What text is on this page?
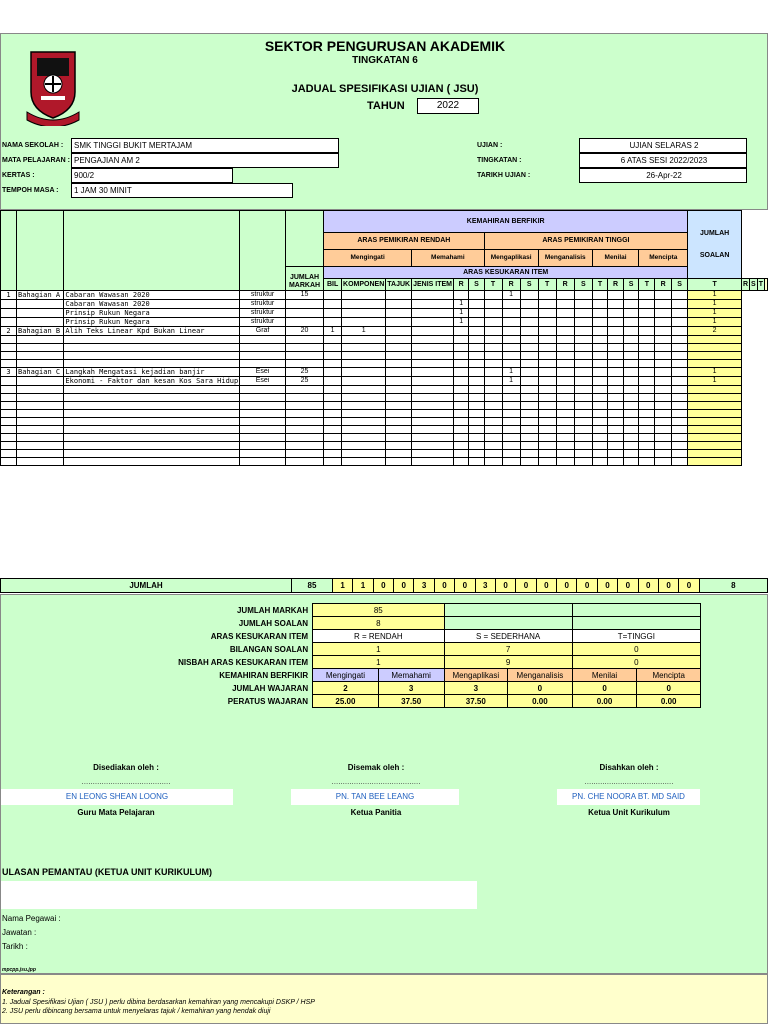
SEKTOR PENGURUSAN AKADEMIK
TINGKATAN 6
JADUAL SPESIFIKASI UJIAN ( JSU)
TAHUN	2022
NAMA SEKOLAH :	SMK TINGGI BUKIT MERTAJAM
MATA PELAJARAN : PENGAJIAN AM 2
KERTAS :	900/2
TEMPOH MASA :	1 JAM 30 MINIT
UJIAN :	UJIAN SELARAS 2
TINGKATAN :	6 ATAS SESI 2022/2023
TARIKH UJIAN :	26-Apr-22
					KEMAHIRAN BERFIKIR																		JUMLAH
SOALAN				
					ARAS PEMIKIRAN RENDAH						ARAS PEMIKIRAN TINGGI																
					Mengingati			Memahami			Mengaplikasi			Menganalisis			Menilai			Mencipta							
				JUMLAH
MARKAH	ARAS KESUKARAN ITEM																						
					BIL	KOMPONEN	TAJUK	JENIS ITEM	R	S	T	R	S	T	R	S	T	R	S	T	R	S	T	R	S	T	
1	Bahagian A	Cabaran Wawasan 2020	struktur	15								1											1				
		Cabaran Wawasan 2020	struktur						1														1				
		Prinsip Rukun Negara	struktur						1														1				
		Prinsip Rukun Negara	struktur						1														1				
2	Bahagian B	Alih Teks Linear Kpd Bukan Linear	Graf	20	1	1																	2				

3	Bahagian C	Langkah Mengatasi kejadian banjir	Esei	25								1											1				
		Ekonomi - Faktor dan kesan Kos Sara Hidup	Esei	25								1											1				

JUMLAH	85	1	1	0	0	3	0	0	3	0	0	0	0	0	0	0	0	0	0	8
JUMLAH MARKAH	85					
JUMLAH SOALAN	8					
ARAS KESUKARAN ITEM	R = RENDAH		S = SEDERHANA		T=TINGGI	
BILANGAN SOALAN	1		7		0	
NISBAH ARAS KESUKARAN ITEM	1		9		0	
KEMAHIRAN BERFIKIR	Mengingati	Memahami	Mengaplikasi	Menganalisis	Menilai	Mencipta
JUMLAH WAJARAN	2	3	3	0	0	0
PERATUS WAJARAN	25.00	37.50	37.50	0.00	0.00	0.00
Disediakan oleh :
........................................
EN LEONG SHEAN LOONG
Guru Mata Pelajaran
Disemak oleh :
........................................
PN. TAN BEE LEANG
Ketua Panitia
Disahkan oleh :
........................................
PN. CHE NOORA BT. MD SAID
Ketua Unit Kurikulum
ULASAN PEMANTAU (KETUA UNIT KURIKULUM)
Nama Pegawai :
Jawatan :
Tarikh :
mpcpp.jsu.jpp
Keterangan :
1. Jadual Spesifikasi Ujian ( JSU ) perlu dibina berdasarkan kemahiran yang mencakupi DSKP / HSP
2. JSU perlu dibincang bersama untuk menyelaras tajuk / kemahiran yang hendak diuji
